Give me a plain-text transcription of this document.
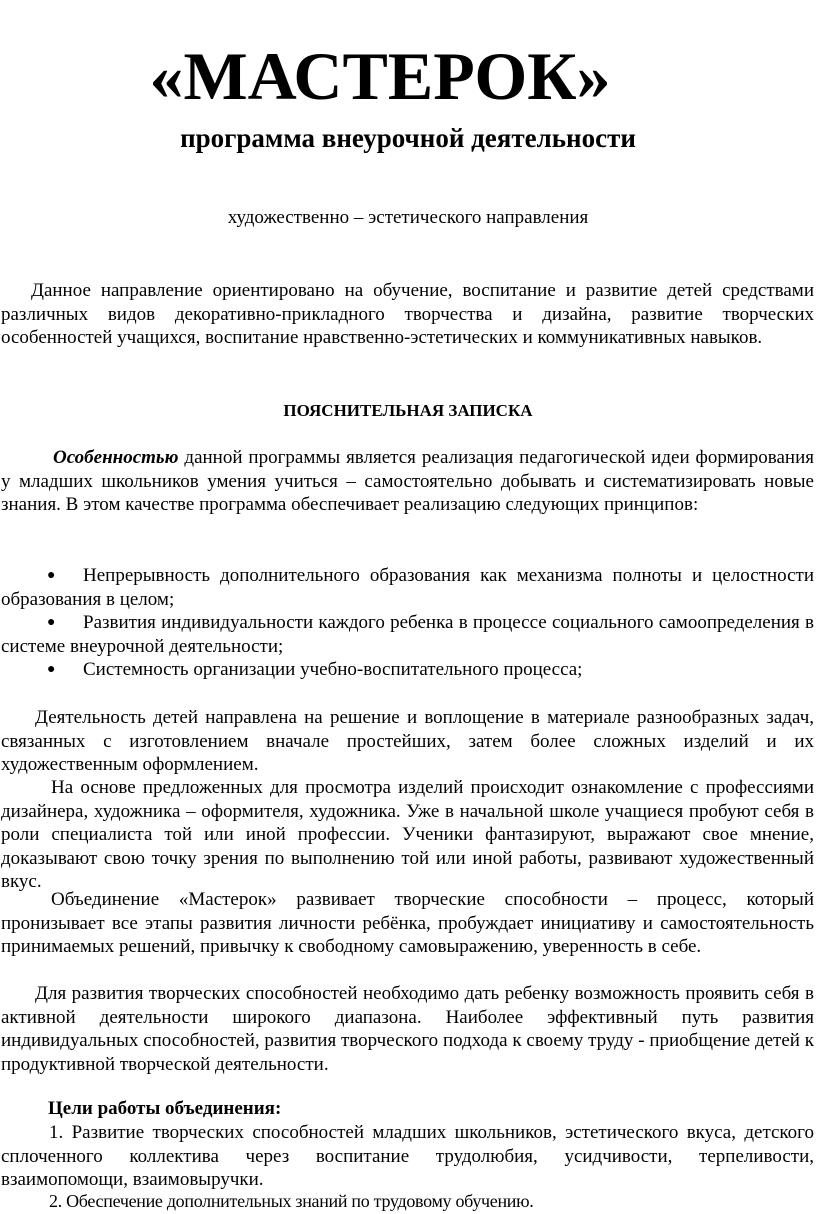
«МАСТЕРОК»
программа внеурочной деятельности
художественно – эстетического направления
Данное направление ориентировано на обучение, воспитание и развитие детей средствами различных видов декоративно-прикладного творчества и дизайна, развитие творческих особенностей учащихся, воспитание нравственно-эстетических и коммуникативных навыков.
ПОЯСНИТЕЛЬНАЯ ЗАПИСКА
Особенностью данной программы является реализация педагогической идеи формирования у младших школьников умения учиться – самостоятельно добывать и систематизировать новые знания. В этом качестве программа обеспечивает реализацию следующих принципов:
●	Непрерывность дополнительного образования как механизма полноты и целостности образования в целом;
●	Развития индивидуальности каждого ребенка в процессе социального самоопределения в системе внеурочной деятельности;
●	Системность организации учебно-воспитательного процесса;
Деятельность детей направлена на решение и воплощение в материале разнообразных задач, связанных с изготовлением вначале простейших, затем более сложных изделий и их художественным оформлением.
На основе предложенных для просмотра изделий происходит ознакомление с профессиями дизайнера, художника – оформителя, художника. Уже в начальной школе учащиеся пробуют себя в роли специалиста той или иной профессии. Ученики фантазируют, выражают свое мнение, доказывают свою точку зрения по выполнению той или иной работы, развивают художественный вкус.
Объединение «Мастерок» развивает творческие способности – процесс, который пронизывает все этапы развития личности ребёнка, пробуждает инициативу и самостоятельность принимаемых решений, привычку к свободному самовыражению, уверенность в себе.
Для развития творческих способностей необходимо дать ребенку возможность проявить себя в активной деятельности широкого диапазона. Наиболее эффективный путь развития индивидуальных способностей, развития творческого подхода к своему труду - приобщение детей к продуктивной творческой деятельности.
Цели работы объединения:
1. Развитие творческих способностей младших школьников, эстетического вкуса, детского сплоченного коллектива через воспитание трудолюбия, усидчивости, терпеливости, взаимопомощи, взаимовыручки.
2. Обеспечение дополнительных знаний по трудовому обучению.
